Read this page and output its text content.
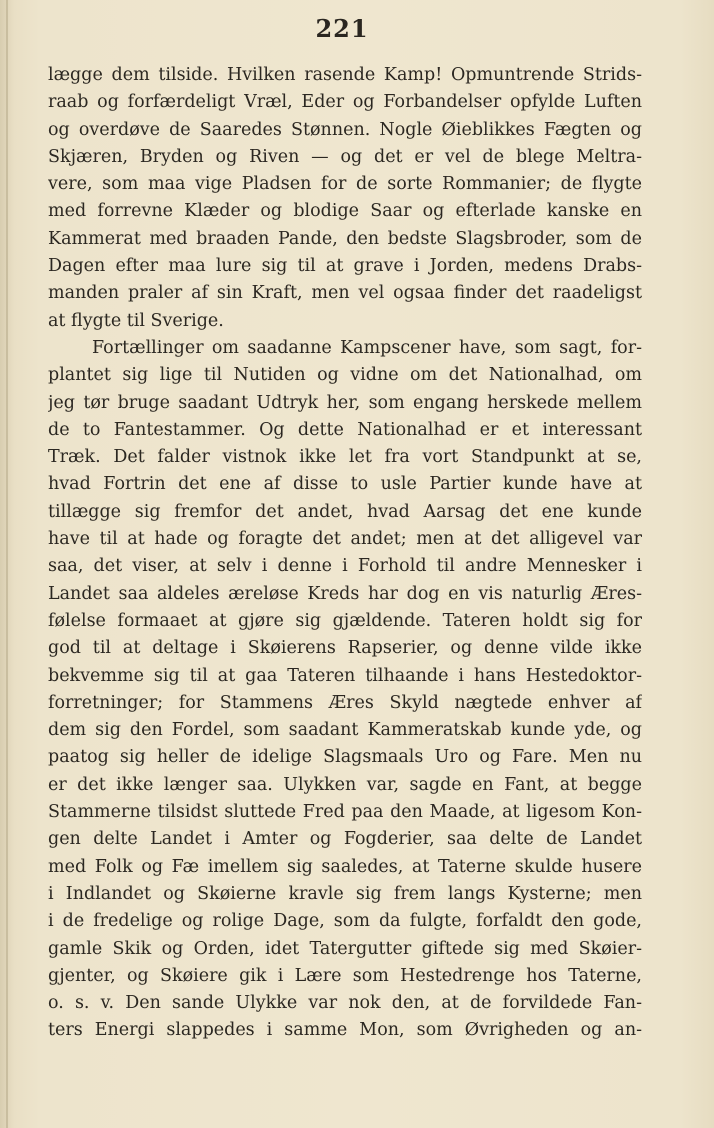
221
lægge dem tilside. Hvilken rasende Kamp! Opmuntrende Strids-
raab og forfærdeligt Vræl, Eder og Forbandelser opfylde Luften
og overdøve de Saaredes Stønnen. Nogle Øieblikkes Fægten og
Skjæren, Bryden og Riven — og det er vel de blege Meltra-
vere, som maa vige Pladsen for de sorte Rommanier; de flygte
med forrevne Klæder og blodige Saar og efterlade kanske en
Kammerat med braaden Pande, den bedste Slagsbroder, som de
Dagen efter maa lure sig til at grave i Jorden, medens Drabs-
manden praler af sin Kraft, men vel ogsaa finder det raadeligst
at flygte til Sverige.
Fortællinger om saadanne Kampscener have, som sagt, for-
plantet sig lige til Nutiden og vidne om det Nationalhad, om
jeg tør bruge saadant Udtryk her, som engang herskede mellem
de to Fantestammer. Og dette Nationalhad er et interessant
Træk. Det falder vistnok ikke let fra vort Standpunkt at se,
hvad Fortrin det ene af disse to usle Partier kunde have at
tillægge sig fremfor det andet, hvad Aarsag det ene kunde
have til at hade og foragte det andet; men at det alligevel var
saa, det viser, at selv i denne i Forhold til andre Mennesker i
Landet saa aldeles æreløse Kreds har dog en vis naturlig Æres-
følelse formaaet at gjøre sig gjældende. Tateren holdt sig for
god til at deltage i Skøierens Rapserier, og denne vilde ikke
bekvemme sig til at gaa Tateren tilhaande i hans Hestedoktor-
forretninger; for Stammens Æres Skyld nægtede enhver af
dem sig den Fordel, som saadant Kammeratskab kunde yde, og
paatog sig heller de idelige Slagsmaals Uro og Fare. Men nu
er det ikke længer saa. Ulykken var, sagde en Fant, at begge
Stammerne tilsidst sluttede Fred paa den Maade, at ligesom Kon-
gen delte Landet i Amter og Fogderier, saa delte de Landet
med Folk og Fæ imellem sig saaledes, at Taterne skulde husere
i Indlandet og Skøierne kravle sig frem langs Kysterne; men
i de fredelige og rolige Dage, som da fulgte, forfaldt den gode,
gamle Skik og Orden, idet Tatergutter giftede sig med Skøier-
gjenter, og Skøiere gik i Lære som Hestedrenge hos Taterne,
o. s. v. Den sande Ulykke var nok den, at de forvildede Fan-
ters Energi slappedes i samme Mon, som Øvrigheden og an-
